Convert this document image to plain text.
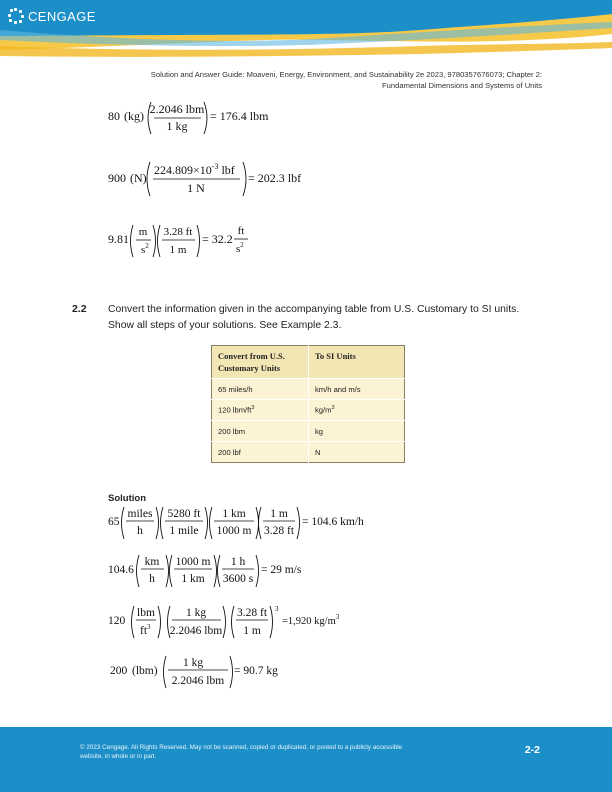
CENGAGE
Solution and Answer Guide: Moaveni, Energy, Environment, and Sustainability 2e 2023, 9780357676073; Chapter 2:
Fundamental Dimensions and Systems of Units
80 (kg) 2.2046 lbm
1 kg
= 176.4 lbm
900 (N)
$224.809\times 10^{-3}$ lbf
1 N
= 202.3 lbf
9.81 m
$s^2$
3.28 ft
1 m
= 32.2
ft
$s^2$
2.2 Convert the information given in the accompanying table from U.S. Customary to SI units. Show all steps of your solutions. See Example 2.3.
Convert from U.S. Customary Units	To SI Units
65 miles/h	km/h and m/s
120 lbm/$ft^3$	$kg/m^3$
200 lbm	kg
200 lbf	N
Solution
65
miles
h
5280 ft
1 mile
1 km
1000 m
1 m
3.28 ft
= 104.6 km/h
104.6
km
h
1000 m
1 km
1 h
3600 s
= 29 m/s
120
lbm
$ft^3$
1 kg
2.2046 lbm
3.28 ft
1 m
3
=1,920 $kg/m^3$
200 (lbm)
1 kg
2.2046 lbm
= 90.7 kg
© 2023 Cengage. All Rights Reserved. May not be scanned, copied or duplicated, or posted to a publicly accessible
website, in whole or in part.
2-2
